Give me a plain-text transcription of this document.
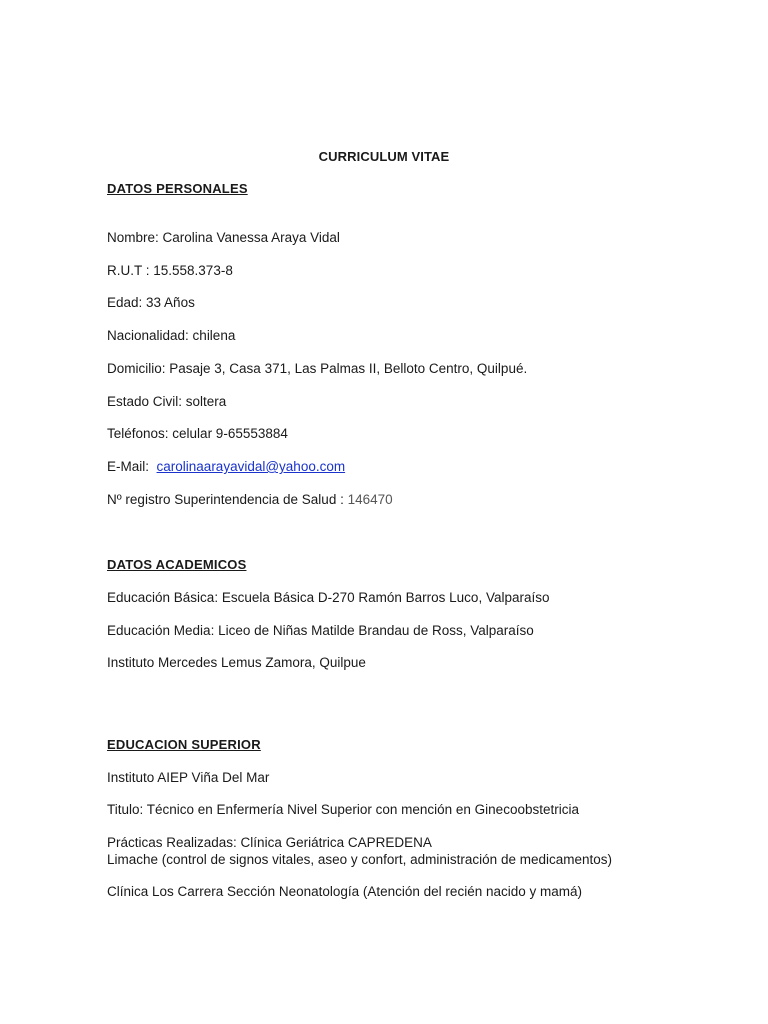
CURRICULUM VITAE
DATOS PERSONALES
Nombre: Carolina Vanessa Araya Vidal
R.U.T : 15.558.373-8
Edad: 33 Años
Nacionalidad: chilena
Domicilio: Pasaje 3, Casa 371, Las Palmas II, Belloto Centro, Quilpué.
Estado Civil: soltera
Teléfonos: celular 9-65553884
E-Mail: carolinaarayavidal@yahoo.com
Nº registro Superintendencia de Salud : 146470
DATOS ACADEMICOS
Educación Básica: Escuela Básica D-270 Ramón Barros Luco, Valparaíso
Educación Media: Liceo de Niñas Matilde Brandau de Ross, Valparaíso
Instituto Mercedes Lemus Zamora, Quilpue
EDUCACION SUPERIOR
Instituto AIEP Viña Del Mar
Titulo: Técnico en Enfermería Nivel Superior con mención en Ginecoobstetricia
Prácticas Realizadas: Clínica Geriátrica CAPREDENA
Limache (control de signos vitales, aseo y confort, administración de medicamentos)
Clínica Los Carrera Sección Neonatología (Atención del recién nacido y mamá)
